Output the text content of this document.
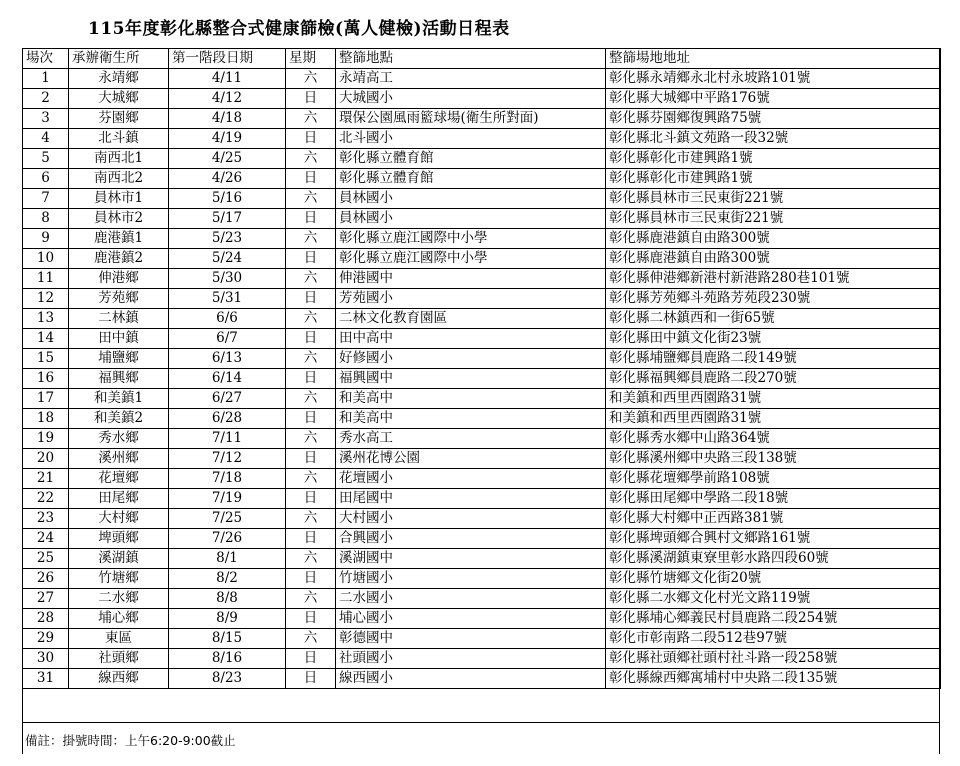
115年度彰化縣整合式健康篩檢(萬人健檢)活動日程表
場次	承辦衛生所	第一階段日期	星期	整篩地點	整篩場地地址
1	永靖鄉	4/11	六	永靖高工	彰化縣永靖鄉永北村永坡路101號
2	大城鄉	4/12	日	大城國小	彰化縣大城鄉中平路176號
3	芬園鄉	4/18	六	環保公園風雨籃球場(衛生所對面)	彰化縣芬園鄉復興路75號
4	北斗鎮	4/19	日	北斗國小	彰化縣北斗鎮文苑路一段32號
5	南西北1	4/25	六	彰化縣立體育館	彰化縣彰化市建興路1號
6	南西北2	4/26	日	彰化縣立體育館	彰化縣彰化市建興路1號
7	員林市1	5/16	六	員林國小	彰化縣員林市三民東街221號
8	員林市2	5/17	日	員林國小	彰化縣員林市三民東街221號
9	鹿港鎮1	5/23	六	彰化縣立鹿江國際中小學	彰化縣鹿港鎮自由路300號
10	鹿港鎮2	5/24	日	彰化縣立鹿江國際中小學	彰化縣鹿港鎮自由路300號
11	伸港鄉	5/30	六	伸港國中	彰化縣伸港鄉新港村新港路280巷101號
12	芳苑鄉	5/31	日	芳苑國小	彰化縣芳苑鄉斗苑路芳苑段230號
13	二林鎮	6/6	六	二林文化教育園區	彰化縣二林鎮西和一街65號
14	田中鎮	6/7	日	田中高中	彰化縣田中鎮文化街23號
15	埔鹽鄉	6/13	六	好修國小	彰化縣埔鹽鄉員鹿路二段149號
16	福興鄉	6/14	日	福興國中	彰化縣福興鄉員鹿路二段270號
17	和美鎮1	6/27	六	和美高中	和美鎮和西里西園路31號
18	和美鎮2	6/28	日	和美高中	和美鎮和西里西園路31號
19	秀水鄉	7/11	六	秀水高工	彰化縣秀水鄉中山路364號
20	溪州鄉	7/12	日	溪州花博公園	彰化縣溪州鄉中央路三段138號
21	花壇鄉	7/18	六	花壇國小	彰化縣花壇鄉學前路108號
22	田尾鄉	7/19	日	田尾國中	彰化縣田尾鄉中學路二段18號
23	大村鄉	7/25	六	大村國小	彰化縣大村鄉中正西路381號
24	埤頭鄉	7/26	日	合興國小	彰化縣埤頭鄉合興村文鄉路161號
25	溪湖鎮	8/1	六	溪湖國中	彰化縣溪湖鎮東寮里彰水路四段60號
26	竹塘鄉	8/2	日	竹塘國小	彰化縣竹塘鄉文化街20號
27	二水鄉	8/8	六	二水國小	彰化縣二水鄉文化村光文路119號
28	埔心鄉	8/9	日	埔心國小	彰化縣埔心鄉義民村員鹿路二段254號
29	東區	8/15	六	彰德國中	彰化市彰南路二段512巷97號
30	社頭鄉	8/16	日	社頭國小	彰化縣社頭鄉社頭村社斗路一段258號
31	線西鄉	8/23	日	線西國小	彰化縣線西鄉寓埔村中央路二段135號
備註：掛號時間：上午6:20-9:00截止
